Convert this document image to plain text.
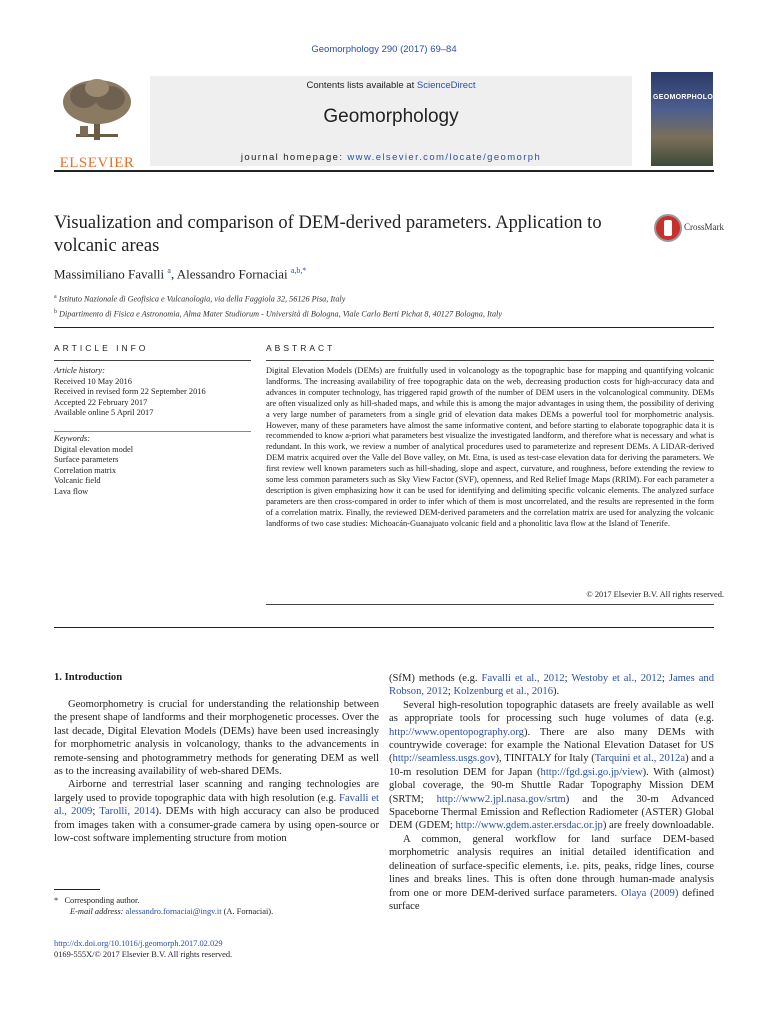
Geomorphology 290 (2017) 69–84
ELSEVIER
Contents lists available at ScienceDirect
Geomorphology
journal homepage: www.elsevier.com/locate/geomorph
GEOMORPHOLOGY
Visualization and comparison of DEM-derived parameters. Application to volcanic areas
CrossMark
Massimiliano Favalli $^a$, Alessandro Fornaciai $^{a,b,*}$
$^a$ Istituto Nazionale di Geofisica e Vulcanologia, via della Faggiola 32, 56126 Pisa, Italy
$^b$ Dipartimento di Fisica e Astronomia, Alma Mater Studiorum - Università di Bologna, Viale Carlo Berti Pichat 8, 40127 Bologna, Italy
ARTICLE INFO	ABSTRACT
Article history:
Received 10 May 2016
Received in revised form 22 September 2016
Accepted 22 February 2017
Available online 5 April 2017
Keywords:
Digital elevation model
Surface parameters
Correlation matrix
Volcanic field
Lava flow
Digital Elevation Models (DEMs) are fruitfully used in volcanology as the topographic base for mapping and quantifying volcanic landforms. The increasing availability of free topographic data on the web, decreasing production costs for high-accuracy data and advances in computer technology, has triggered rapid growth of the number of DEM users in the volcanological community. DEMs are often visualized only as hill-shaded maps, and while this is among the major advantages in using them, the possibility of deriving a very large number of parameters from a single grid of elevation data makes DEMs a powerful tool for morphometric analysis. However, many of these parameters have almost the same informative content, and before starting to elaborate topographic data it is recommended to know a-priori what parameters best visualize the investigated landform, and therefore what is necessary and what is redundant. In this work, we review a number of analytical procedures used to parameterize and represent DEMs. A LIDAR-derived DEM matrix acquired over the Valle del Bove valley, on Mt. Etna, is used as test-case elevation data for deriving the parameters. We first review well known parameters such as hill-shading, slope and aspect, curvature, and roughness, before extending the review to some less common parameters such as Sky View Factor (SVF), openness, and Red Relief Image Maps (RRIM). For each parameter a description is given emphasizing how it can be used for identifying and delimiting specific volcanic elements. The analyzed surface parameters are then cross-compared in order to infer which of them is most uncorrelated, and the results are represented in the form of a correlation matrix. Finally, the reviewed DEM-derived parameters and the correlation matrix are used for analyzing the volcanic landforms of two case studies: Michoacán-Guanajuato volcanic field and a phonolitic lava flow at the Island of Tenerife.
© 2017 Elsevier B.V. All rights reserved.
1. Introduction

Geomorphometry is crucial for understanding the relationship between the present shape of landforms and their morphogenetic processes. Over the last decade, Digital Elevation Models (DEMs) have been used increasingly for morphometric analysis in volcanology, thanks to the advancements in remote-sensing and photogrammetry methods for generating DEM as well as to the increasing availability of web-shared DEMs.

Airborne and terrestrial laser scanning and ranging technologies are largely used to provide topographic data with high resolution (e.g. Favalli et al., 2009; Tarolli, 2014). DEMs with high accuracy can also be produced from images taken with a consumer-grade camera by using open-source or low-cost software implementing structure from motion

(SfM) methods (e.g. Favalli et al., 2012; Westoby et al., 2012; James and Robson, 2012; Kolzenburg et al., 2016).

Several high-resolution topographic datasets are freely available as well as appropriate tools for processing such huge volumes of data (e.g. http://www.opentopography.org). There are also many DEMs with countrywide coverage: for example the National Elevation Dataset for US (http://seamless.usgs.gov), TINITALY for Italy (Tarquini et al., 2012a) and a 10-m resolution DEM for Japan (http://fgd.gsi.go.jp/view). With (almost) global coverage, the 90-m Shuttle Radar Topography Mission DEM (SRTM; http://www2.jpl.nasa.gov/srtm) and the 30-m Advanced Spaceborne Thermal Emission and Reflection Radiometer (ASTER) Global DEM (GDEM; http://www.gdem.aster.ersdac.or.jp) are freely downloadable.

A common, general workflow for land surface DEM-based morphometric analysis requires an initial detailed identification and delineation of surface-specific elements, i.e. pits, peaks, ridge lines, course lines and breaks lines. This is often done through human-made analysis from one or more DEM-derived surface parameters. Olaya (2009) defined surface

* Corresponding author.
E-mail address: alessandro.fornaciai@ingv.it (A. Fornaciai).
http://dx.doi.org/10.1016/j.geomorph.2017.02.029
0169-555X/© 2017 Elsevier B.V. All rights reserved.
